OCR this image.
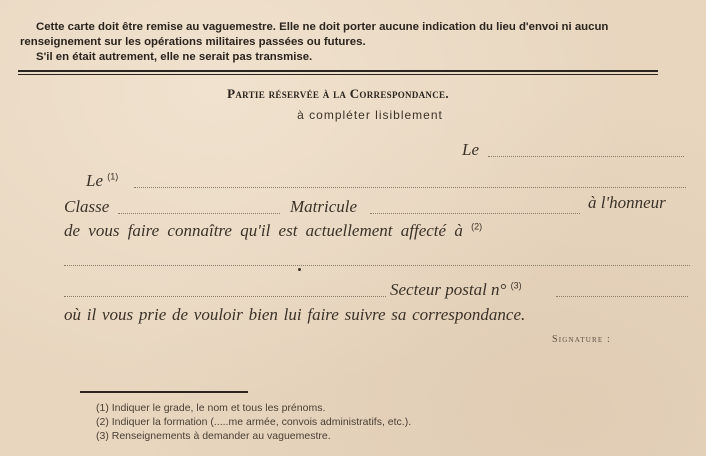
Cette carte doit être remise au vaguemestre. Elle ne doit porter aucune indication du lieu d'envoi ni aucun
renseignement sur les opérations militaires passées ou futures.
S'il en était autrement, elle ne serait pas transmise.
Partie réservée à la Correspondance.
à compléter lisiblement
Le
Le $^{(1)}$
Classe	Matricule	à l'honneur
de vous faire connaître qu'il est actuellement affecté à $^{(2)}$
Secteur postal n° $^{(3)}$
où il vous prie de vouloir bien lui faire suivre sa correspondance.
Signature :
(1) Indiquer le grade, le nom et tous les prénoms.
(2) Indiquer la formation (.....me armée, convois administratifs, etc.).
(3) Renseignements à demander au vaguemestre.
